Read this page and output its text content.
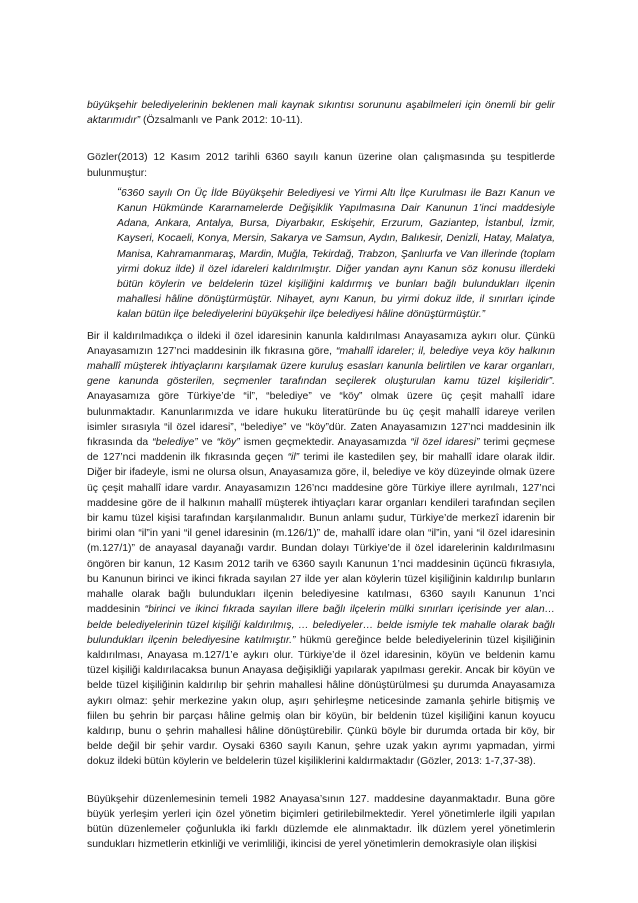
büyükşehir belediyelerinin beklenen mali kaynak sıkıntısı sorununu aşabilmeleri için önemli bir gelir aktarımıdır” (Özsalmanlı ve Pank 2012: 10-11).

Gözler(2013) 12 Kasım 2012 tarihli 6360 sayılı kanun üzerine olan çalışmasında şu tespitlerde bulunmuştur:

“6360 sayılı On Üç İlde Büyükşehir Belediyesi ve Yirmi Altı İlçe Kurulması ile Bazı Kanun ve Kanun Hükmünde Kararnamelerde Değişiklik Yapılmasına Dair Kanunun 1’inci maddesiyle Adana, Ankara, Antalya, Bursa, Diyarbakır, Eskişehir, Erzurum, Gaziantep, İstanbul, İzmir, Kayseri, Kocaeli, Konya, Mersin, Sakarya ve Samsun, Aydın, Balıkesir, Denizli, Hatay, Malatya, Manisa, Kahramanmaraş, Mardin, Muğla, Tekirdağ, Trabzon, Şanlıurfa ve Van illerinde (toplam yirmi dokuz ilde) il özel idareleri kaldırılmıştır. Diğer yandan aynı Kanun söz konusu illerdeki bütün köylerin ve beldelerin tüzel kişiliğini kaldırmış ve bunları bağlı bulundukları ilçenin mahallesi hâline dönüştürmüştür. Nihayet, aynı Kanun, bu yirmi dokuz ilde, il sınırları içinde kalan bütün ilçe belediyelerini büyükşehir ilçe belediyesi hâline dönüştürmüştür.”

Bir il kaldırılmadıkça o ildeki il özel idaresinin kanunla kaldırılması Anayasamıza aykırı olur. Çünkü Anayasamızın 127’nci maddesinin ilk fıkrasına göre, “mahallî idareler; il, belediye veya köy halkının mahallî müşterek ihtiyaçlarını karşılamak üzere kuruluş esasları kanunla belirtilen ve karar organları, gene kanunda gösterilen, seçmenler tarafından seçilerek oluşturulan kamu tüzel kişileridir”. Anayasamıza göre Türkiye’de “il”, “belediye” ve “köy” olmak üzere üç çeşit mahallî idare bulunmaktadır. Kanunlarımızda ve idare hukuku literatüründe bu üç çeşit mahallî idareye verilen isimler sırasıyla “il özel idaresi”, “belediye” ve “köy”dür. Zaten Anayasamızın 127’nci maddesinin ilk fıkrasında da “belediye” ve “köy” ismen geçmektedir. Anayasamızda “il özel idaresi” terimi geçmese de 127’nci maddenin ilk fıkrasında geçen “il” terimi ile kastedilen şey, bir mahallî idare olarak ildir. Diğer bir ifadeyle, ismi ne olursa olsun, Anayasamıza göre, il, belediye ve köy düzeyinde olmak üzere üç çeşit mahallî idare vardır. Anayasamızın 126’ncı maddesine göre Türkiye illere ayrılmalı, 127’nci maddesine göre de il halkının mahallî müşterek ihtiyaçları karar organları kendileri tarafından seçilen bir kamu tüzel kişisi tarafından karşılanmalıdır. Bunun anlamı şudur, Türkiye’de merkezî idarenin bir birimi olan “il”in yani “il genel idaresinin (m.126/1)” de, mahallî idare olan “il”in, yani “il özel idaresinin (m.127/1)” de anayasal dayanağı vardır. Bundan dolayı Türkiye’de il özel idarelerinin kaldırılmasını öngören bir kanun, 12 Kasım 2012 tarih ve 6360 sayılı Kanunun 1’nci maddesinin üçüncü fıkrasıyla, bu Kanunun birinci ve ikinci fıkrada sayılan 27 ilde yer alan köylerin tüzel kişiliğinin kaldırılıp bunların mahalle olarak bağlı bulundukları ilçenin belediyesine katılması, 6360 sayılı Kanunun 1’nci maddesinin “birinci ve ikinci fıkrada sayılan illere bağlı ilçelerin mülki sınırları içerisinde yer alan… belde belediyelerinin tüzel kişiliği kaldırılmış, … belediyeler… belde ismiyle tek mahalle olarak bağlı bulundukları ilçenin belediyesine katılmıştır.” hükmü gereğince belde belediyelerinin tüzel kişiliğinin kaldırılması, Anayasa m.127/1’e aykırı olur. Türkiye’de il özel idaresinin, köyün ve beldenin kamu tüzel kişiliği kaldırılacaksa bunun Anayasa değişikliği yapılarak yapılması gerekir. Ancak bir köyün ve belde tüzel kişiliğinin kaldırılıp bir şehrin mahallesi hâline dönüştürülmesi şu durumda Anayasamıza aykırı olmaz: şehir merkezine yakın olup, aşırı şehirleşme neticesinde zamanla şehirle bitişmiş ve fiilen bu şehrin bir parçası hâline gelmiş olan bir köyün, bir beldenin tüzel kişiliğini kanun koyucu kaldırıp, bunu o şehrin mahallesi hâline dönüştürebilir. Çünkü böyle bir durumda ortada bir köy, bir belde değil bir şehir vardır. Oysaki 6360 sayılı Kanun, şehre uzak yakın ayrımı yapmadan, yirmi dokuz ildeki bütün köylerin ve beldelerin tüzel kişiliklerini kaldırmaktadır (Gözler, 2013: 1-7,37-38).

Büyükşehir düzenlemesinin temeli 1982 Anayasa’sının 127. maddesine dayanmaktadır. Buna göre büyük yerleşim yerleri için özel yönetim biçimleri getirilebilmektedir. Yerel yönetimlerle ilgili yapılan bütün düzenlemeler çoğunlukla iki farklı düzlemde ele alınmaktadır. İlk düzlem yerel yönetimlerin sundukları hizmetlerin etkinliği ve verimliliği, ikincisi de yerel yönetimlerin demokrasiyle olan ilişkisi
